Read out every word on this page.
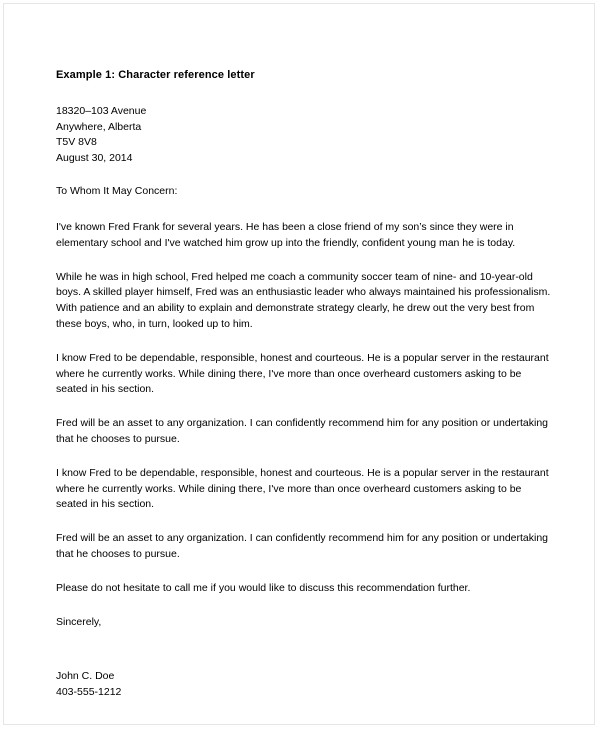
Example 1: Character reference letter
18320–103 Avenue
Anywhere, Alberta
T5V 8V8
August 30, 2014

To Whom It May Concern:

I've known Fred Frank for several years. He has been a close friend of my son’s since they were in elementary school and I've watched him grow up into the friendly, confident young man he is today.

While he was in high school, Fred helped me coach a community soccer team of nine- and 10-year-old boys. A skilled player himself, Fred was an enthusiastic leader who always maintained his professionalism. With patience and an ability to explain and demonstrate strategy clearly, he drew out the very best from these boys, who, in turn, looked up to him.

I know Fred to be dependable, responsible, honest and courteous. He is a popular server in the restaurant where he currently works. While dining there, I've more than once overheard customers asking to be seated in his section.

Fred will be an asset to any organization. I can confidently recommend him for any position or undertaking that he chooses to pursue.

I know Fred to be dependable, responsible, honest and courteous. He is a popular server in the restaurant where he currently works. While dining there, I've more than once overheard customers asking to be seated in his section.

Fred will be an asset to any organization. I can confidently recommend him for any position or undertaking that he chooses to pursue.

Please do not hesitate to call me if you would like to discuss this recommendation further.

Sincerely,

John C. Doe
403-555-1212
